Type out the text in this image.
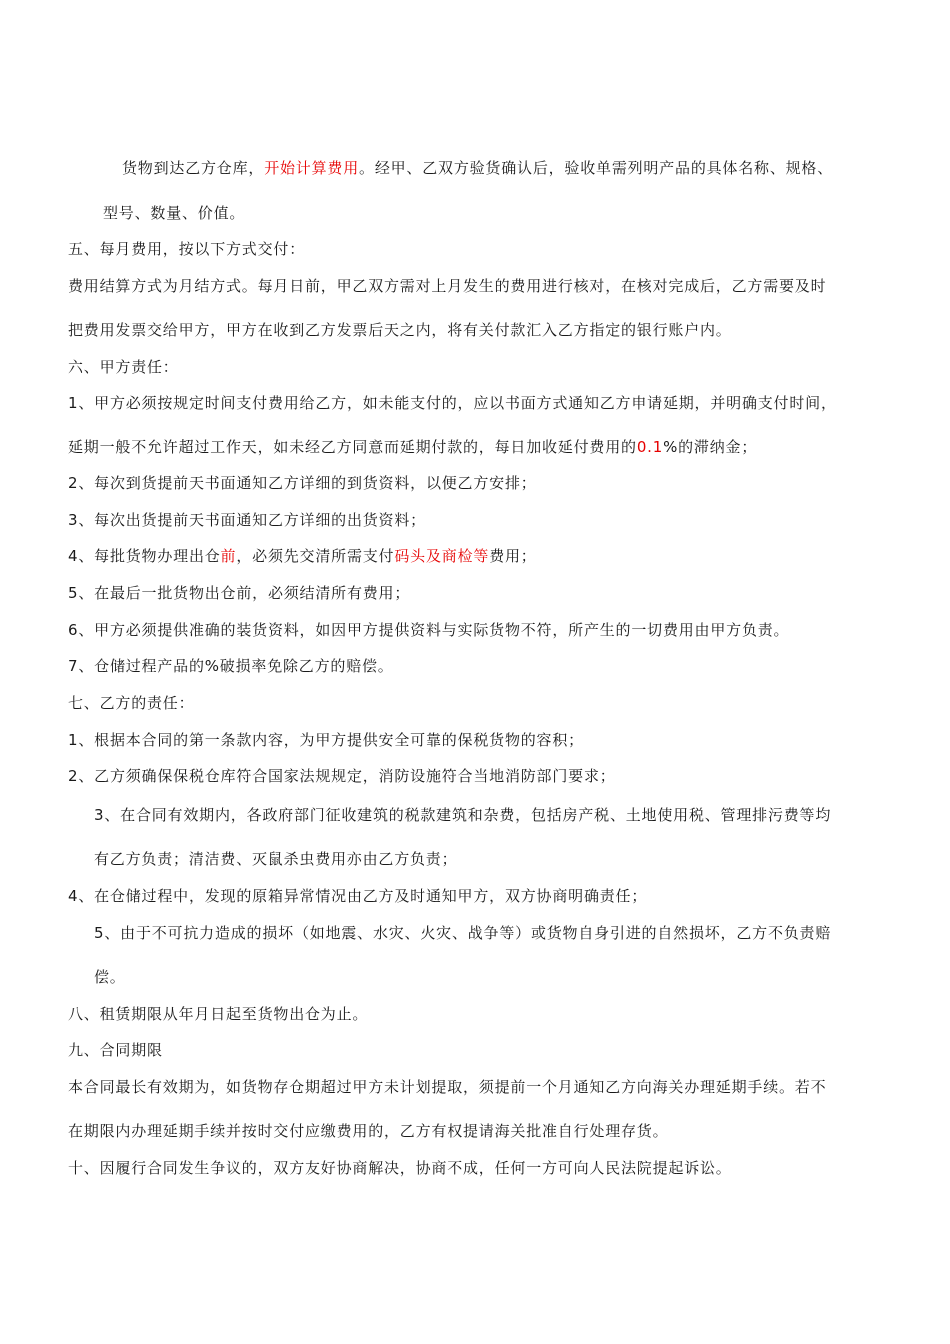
货物到达乙方仓库，开始计算费用。经甲、乙双方验货确认后，验收单需列明产品的具体名称、规格、

型号、数量、价值。

五、每月费用，按以下方式交付：

费用结算方式为月结方式。每月日前，甲乙双方需对上月发生的费用进行核对，在核对完成后，乙方需要及时

把费用发票交给甲方，甲方在收到乙方发票后天之内，将有关付款汇入乙方指定的银行账户内。

六、甲方责任：

1、甲方必须按规定时间支付费用给乙方，如未能支付的，应以书面方式通知乙方申请延期，并明确支付时间，

延期一般不允许超过工作天，如未经乙方同意而延期付款的，每日加收延付费用的0.1%的滞纳金；

2、每次到货提前天书面通知乙方详细的到货资料，以便乙方安排；

3、每次出货提前天书面通知乙方详细的出货资料；

4、每批货物办理出仓前，必须先交清所需支付码头及商检等费用；

5、在最后一批货物出仓前，必须结清所有费用；

6、甲方必须提供准确的装货资料，如因甲方提供资料与实际货物不符，所产生的一切费用由甲方负责。

7、仓储过程产品的%破损率免除乙方的赔偿。

七、乙方的责任：

1、根据本合同的第一条款内容，为甲方提供安全可靠的保税货物的容积；

2、乙方须确保保税仓库符合国家法规规定，消防设施符合当地消防部门要求；

3、在合同有效期内，各政府部门征收建筑的税款建筑和杂费，包括房产税、土地使用税、管理排污费等均

有乙方负责；清洁费、灭鼠杀虫费用亦由乙方负责；

4、在仓储过程中，发现的原箱异常情况由乙方及时通知甲方，双方协商明确责任；

5、由于不可抗力造成的损坏（如地震、水灾、火灾、战争等）或货物自身引进的自然损坏，乙方不负责赔

偿。

八、租赁期限从年月日起至货物出仓为止。

九、合同期限

本合同最长有效期为，如货物存仓期超过甲方未计划提取，须提前一个月通知乙方向海关办理延期手续。若不

在期限内办理延期手续并按时交付应缴费用的，乙方有权提请海关批准自行处理存货。

十、因履行合同发生争议的，双方友好协商解决，协商不成，任何一方可向人民法院提起诉讼。
